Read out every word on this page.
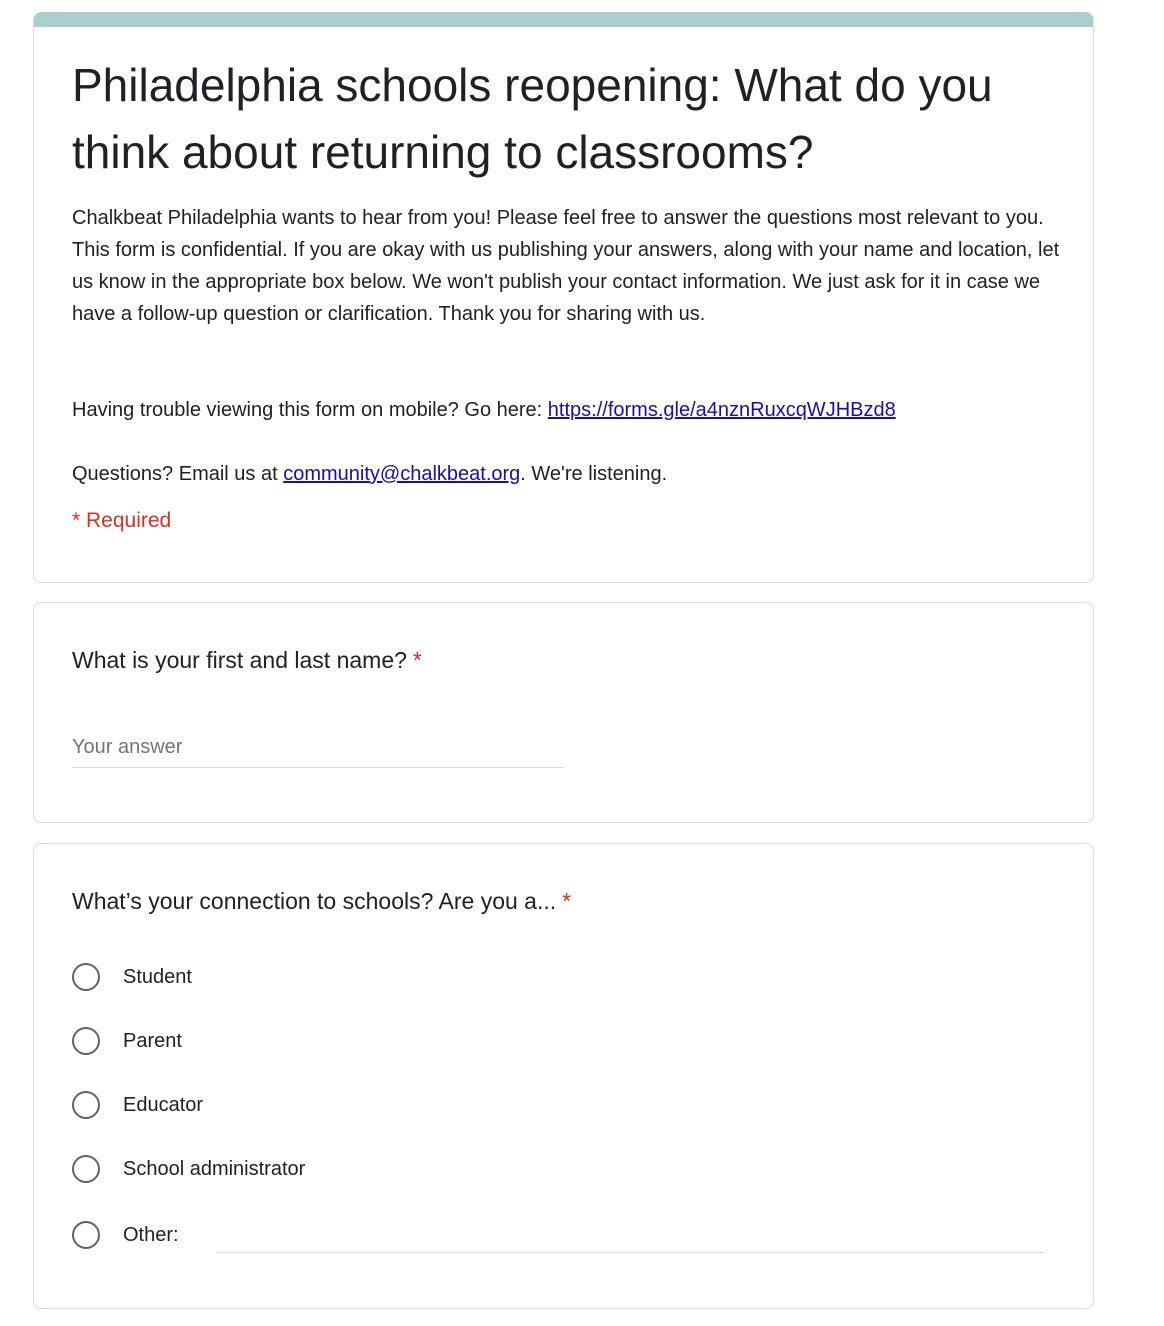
Philadelphia schools reopening: What do you think about returning to classrooms?

Chalkbeat Philadelphia wants to hear from you! Please feel free to answer the questions most relevant to you. This form is confidential. If you are okay with us publishing your answers, along with your name and location, let us know in the appropriate box below. We won't publish your contact information. We just ask for it in case we have a follow-up question or clarification. Thank you for sharing with us.

Having trouble viewing this form on mobile? Go here: https://forms.gle/a4nznRuxcqWJHBzd8

Questions? Email us at community@chalkbeat.org. We're listening.

* Required
What is your first and last name? *
Your answer
What’s your connection to schools? Are you a... *
Student
Parent
Educator
School administrator
Other:
